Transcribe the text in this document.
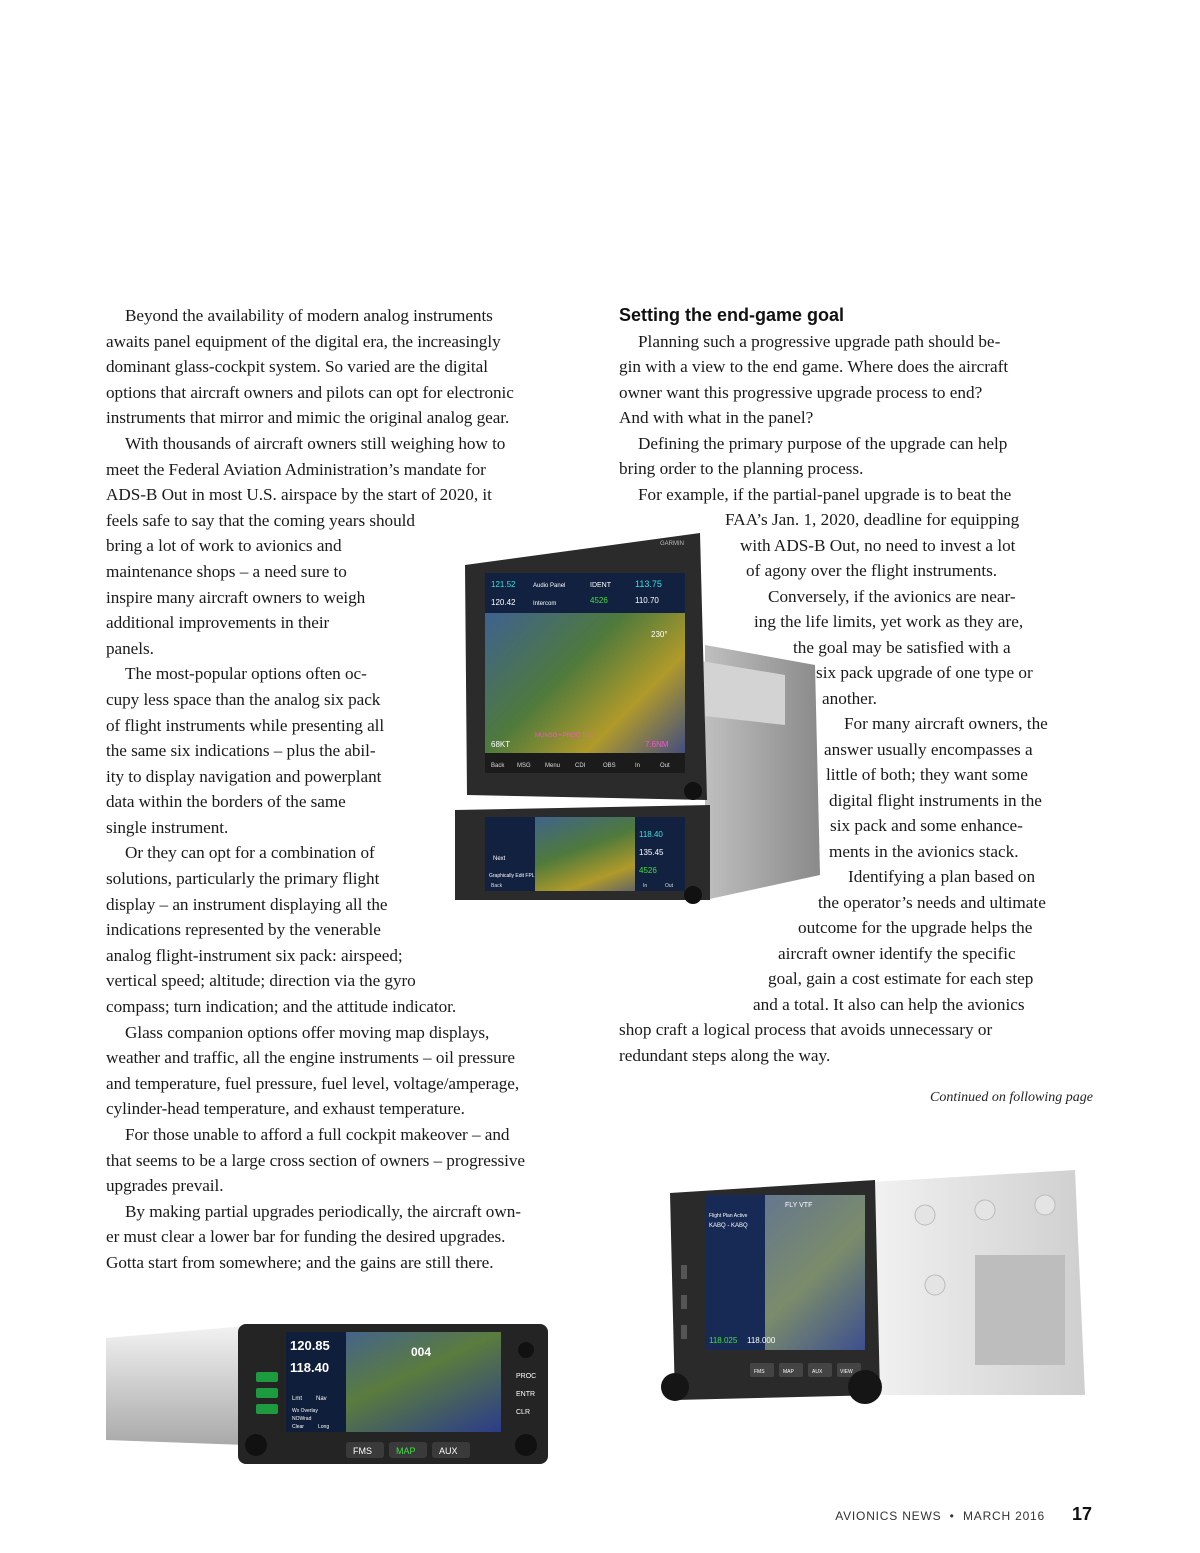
Beyond the availability of modern analog instruments
awaits panel equipment of the digital era, the increasingly
dominant glass-cockpit system. So varied are the digital
options that aircraft owners and pilots can opt for electronic
instruments that mirror and mimic the original analog gear.

With thousands of aircraft owners still weighing how to
meet the Federal Aviation Administration’s mandate for
ADS-B Out in most U.S. airspace by the start of 2020, it
feels safe to say that the coming years should
bring a lot of work to avionics and
maintenance shops – a need sure to
inspire many aircraft owners to weigh
additional improvements in their
panels.

The most-popular options often oc-
cupy less space than the analog six pack
of flight instruments while presenting all
the same six indications – plus the abil-
ity to display navigation and powerplant
data within the borders of the same
single instrument.

Or they can opt for a combination of
solutions, particularly the primary flight
display – an instrument displaying all the
indications represented by the venerable
analog flight-instrument six pack: airspeed;
vertical speed; altitude; direction via the gyro
compass; turn indication; and the attitude indicator.

Glass companion options offer moving map displays,
weather and traffic, all the engine instruments – oil pressure
and temperature, fuel pressure, fuel level, voltage/amperage,
cylinder-head temperature, and exhaust temperature.

For those unable to afford a full cockpit makeover – and
that seems to be a large cross section of owners – progressive
upgrades prevail.

By making partial upgrades periodically, the aircraft own-
er must clear a lower bar for funding the desired upgrades.
Gotta start from somewhere; and the gains are still there.

Setting the end-game goal
Planning such a progressive upgrade path should be-
gin with a view to the end game. Where does the aircraft
owner want this progressive upgrade process to end?
And with what in the panel?
Defining the primary purpose of the upgrade can help
bring order to the planning process.
For example, if the partial-panel upgrade is to beat the
FAA’s Jan. 1, 2020, deadline for equipping
with ADS-B Out, no need to invest a lot
of agony over the flight instruments.
Conversely, if the avionics are near-
ing the life limits, yet work as they are,
the goal may be satisfied with a
six pack upgrade of one type or
another.
For many aircraft owners, the
answer usually encompasses a
little of both; they want some
digital flight instruments in the
six pack and some enhance-
ments in the avionics stack.
Identifying a plan based on
the operator’s needs and ultimate
outcome for the upgrade helps the
aircraft owner identify the specific
goal, gain a cost estimate for each step
and a total. It also can help the avionics
shop craft a logical process that avoids unnecessary or
redundant steps along the way.
Continued on following page
121.52
120.42
Audio Panel
Intercom
IDENT
4526
113.75
110.70
230°
68KT
MUNSO • PROC Turn
7.6NM
Back MSG Menu CDI	OBS	In	Out
GARMIN
Next
Graphically Edit FPL
118.40
135.45
4526
Back	In	Out
120.85
118.40
Lmt Nav
Wx Overlay
NOWrad
Clear	Long
004
FMS	MAP	AUX
PROC
ENTR
CLR
FLY VTF
Flight Plan Active
KABQ - KABQ
118.025 118.000
FMS	MAP	AUX	VIEW
AVIONICS NEWS  •  MARCH 2016 17
